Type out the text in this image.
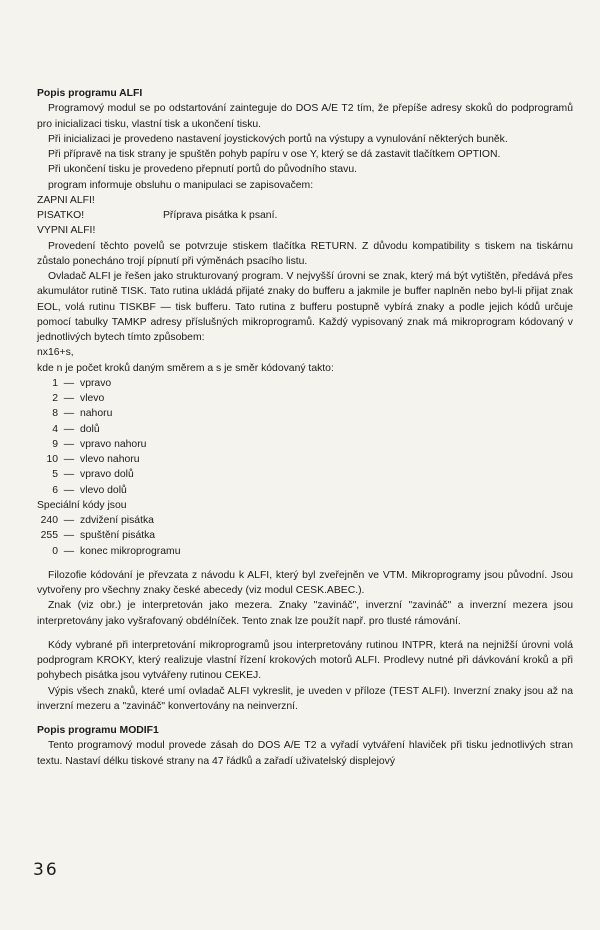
Popis programu ALFI
Programový modul se po odstartování zainteguje do DOS A/E T2 tím, že přepíše adresy skoků do podprogramů pro inicializaci tisku, vlastní tisk a ukončení tisku.
Při inicializaci je provedeno nastavení joystickových portů na výstupy a vynulování některých buněk.
Při přípravě na tisk strany je spuštěn pohyb papíru v ose Y, který se dá zastavit tlačítkem OPTION.
Při ukončení tisku je provedeno přepnutí portů do původního stavu.
program informuje obsluhu o manipulaci se zapisovačem:
ZAPNI ALFI!
PISATKO!	Příprava pisátka k psaní.
VYPNI ALFI!
Provedení těchto povelů se potvrzuje stiskem tlačítka RETURN. Z důvodu kompatibility s tiskem na tiskárnu zůstalo ponecháno trojí pípnutí při výměnách psacího listu.
Ovladač ALFI je řešen jako strukturovaný program. V nejvyšší úrovni se znak, který má být vytištěn, předává přes akumulátor rutině TISK. Tato rutina ukládá přijaté znaky do bufferu a jakmile je buffer naplněn nebo byl-li přijat znak EOL, volá rutinu TISKBF — tisk bufferu. Tato rutina z bufferu postupně vybírá znaky a podle jejich kódů určuje pomocí tabulky TAMKP adresy příslušných mikroprogramů. Každý vypisovaný znak má mikroprogram kódovaný v jednotlivých bytech tímto způsobem:
nx16+s,
kde n je počet kroků daným směrem a s je směr kódovaný takto:
1 — vpravo
2 — vlevo
8 — nahoru
4 — dolů
9 — vpravo nahoru
10 — vlevo nahoru
5 — vpravo dolů
6 — vlevo dolů
Speciální kódy jsou
240 — zdvižení pisátka
255 — spuštění pisátka
0 — konec mikroprogramu
Filozofie kódování je převzata z návodu k ALFI, který byl zveřejněn ve VTM. Mikroprogramy jsou původní. Jsou vytvořeny pro všechny znaky české abecedy (viz modul CESK.ABEC.).
Znak (viz obr.) je interpretován jako mezera. Znaky "zavináč", inverzní "zavináč" a inverzní mezera jsou interpretovány jako vyšrafovaný obdélníček. Tento znak lze použít např. pro tlusté rámování.
Kódy vybrané při interpretování mikroprogramů jsou interpretovány rutinou INTPR, která na nejnižší úrovni volá podprogram KROKY, který realizuje vlastní řízení krokových motorů ALFI. Prodlevy nutné při dávkování kroků a při pohybech pisátka jsou vytvářeny rutinou CEKEJ.
Výpis všech znaků, které umí ovladač ALFI vykreslit, je uveden v příloze (TEST ALFI). Inverzní znaky jsou až na inverzní mezeru a "zavináč" konvertovány na neinverzní.
Popis programu MODIF1
Tento programový modul provede zásah do DOS A/E T2 a vyřadí vytváření hlaviček při tisku jednotlivých stran textu. Nastaví délku tiskové strany na 47 řádků a zařadí uživatelský displejový
36
